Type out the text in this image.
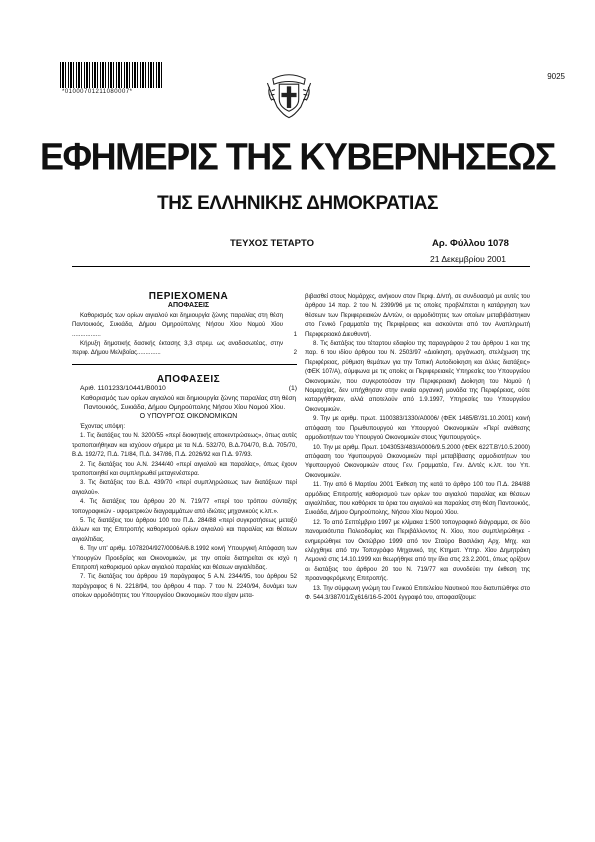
*01000701211080007*
9025
ΕΦΗΜΕΡΙΣ ΤΗΣ ΚΥΒΕΡΝΗΣΕΩΣ
ΤΗΣ ΕΛΛΗΝΙΚΗΣ ΔΗΜΟΚΡΑΤΙΑΣ
ΤΕΥΧΟΣ ΤΕΤΑΡΤΟ	Αρ. Φύλλου 1078
21 Δεκεμβρίου 2001

ΠΕΡΙΕΧΟΜΕΝΑ

ΑΠΟΦΑΣΕΙΣ

Καθορισμός των ορίων αιγιαλού και δημιουργία ζώνης παραλίας στη θέση Παντουκιός, Συκιάδα, Δήμου Ομηρούπολης Νήσου Χίου Νομού Χίου .................	1

Κήρυξη δημοτικής δασικής έκτασης 3,3 στρεμ. ως αναδασωτέας, στην περιφ. Δήμου Μελιβοίας..............	2

ΑΠΟΦΑΣΕΙΣ

Αριθ. 1101233/10441/Β0010	(1)

Καθορισμός των ορίων αιγιαλού και δημιουργία ζώνης παραλίας στη θέση Παντουκιός, Συκιάδα, Δήμου Ομηρούπολης Νήσου Χίου Νομού Χίου.

Ο ΥΠΟΥΡΓΟΣ ΟΙΚΟΝΟΜΙΚΩΝ

Έχοντας υπόψη:

1. Τις διατάξεις του Ν. 3200/55 «περί διοικητικής αποκεντρώσεως», όπως αυτές τροποποιήθηκαν και ισχύουν σήμερα με τα Ν.Δ. 532/70, Β.Δ.704/70, Β.Δ. 705/70, Β.Δ. 192/72, Π.Δ. 71/84, Π.Δ. 347/86, Π.Δ. 2026/92 και Π.Δ. 97/93.

2. Τις διατάξεις του Α.Ν. 2344/40 «περί αιγιαλού και παραλίας», όπως έχουν τροποποιηθεί και συμπληρωθεί μεταγενέστερα.

3. Τις διατάξεις του Β.Δ. 439/70 «περί συμπληρώσεως των διατάξεων περί αιγιαλού».

4. Τις διατάξεις του άρθρου 20 Ν. 719/77 «περί του τρόπου σύνταξης τοπογραφικών - υψομετρικών διαγραμμάτων από ιδιώτες μηχανικούς κ.λπ.».

5. Τις διατάξεις του άρθρου 100 του Π.Δ. 284/88 «περί συγκροτήσεως μεταξύ άλλων και της Επιτροπής καθορισμού ορίων αιγιαλού και παραλίας και θέσεων αιγιαλίτιδας.

6. Την υπ' αριθμ. 1078204/927/0006Α/6.8.1992 κοινή Υπουργική Απόφαση των Υπουργών Προεδρίας και Οικονομικών, με την οποία διατηρείται σε ισχύ η Επιτροπή καθορισμού ορίων αιγιαλού παραλίας και θέσεων αιγιαλίτιδας.

7. Τις διατάξεις του άρθρου 19 παράγραφος 5 Α.Ν. 2344/95, του άρθρου 52 παράγραφος 6 Ν. 2218/94, του άρθρου 4 παρ. 7 του Ν. 2240/94, δυνάμει των οποίων αρμοδιότητες του Υπουργείου Οικονομικών που είχαν μετα-

βιβασθεί στους Νομάρχες, ανήκουν στον Περιφ. Δ/ντή, σε συνδυασμό με αυτές του άρθρου 14 παρ. 2 του Ν. 2399/96 με τις οποίες προβλέπεται η κατάργηση των θέσεων των Περιφερειακών Δ/ντών, οι αρμοδιότητες των οποίων μεταβιβάστηκαν στο Γενικό Γραμματέα της Περιφέρειας και ασκούνται από τον Αναπληρωτή Περιφερειακό Διευθυντή.

8. Τις διατάξεις του τέταρτου εδαφίου της παραγράφου 2 του άρθρου 1 και της παρ. 6 του ιδίου άρθρου του Ν. 2503/97 «Διοίκηση, οργάνωση, στελέχωση της Περιφέρειας, ρύθμιση θεμάτων για την Τοπική Αυτοδιοίκηση και άλλες διατάξεις» (ΦΕΚ 107/Α), σύμφωνα με τις οποίες οι Περιφερειακές Υπηρεσίες του Υπουργείου Οικονομικών, που συγκροτούσαν την Περιφερειακή Διοίκηση του Νομού ή Νομαρχίας, δεν υπήχθησαν στην ενιαία οργανική μονάδα της Περιφέρειας, ούτε καταργήθηκαν, αλλά αποτελούν από 1.9.1997, Υπηρεσίες του Υπουργείου Οικονομικών.

9. Την με αριθμ. πρωτ. 1100383/1330/Α0006/ (ΦΕΚ 1485/Β'/31.10.2001) κοινή απόφαση του Πρωθυπουργού και Υπουργού Οικονομικών «Περί ανάθεσης αρμοδιοτήτων του Υπουργού Οικονομικών στους Υφυπουργούς».

10. Την με αριθμ. Πρωτ. 1043053/483/Α0006/9.5.2000 (ΦΕΚ 622Τ.Β'/10.5.2000) απόφαση του Υφυπουργού Οικονομικών περί μεταβίβασης αρμοδιοτήτων του Υφυπουργού Οικονομικών στους Γεν. Γραμματέα, Γεν. Δ/ντές κ.λπ. του Υπ. Οικονομικών.

11. Την από 6 Μαρτίου 2001 Έκθεση της κατά το άρθρο 100 του Π.Δ. 284/88 αρμόδιας Επιτροπής καθορισμού των ορίων του αιγιαλού παραλίας και θέσεων αιγιαλίτιδας, που καθόρισε τα όρια του αιγιαλού και παραλίας στη θέση Παντουκιός, Συκιάδα, Δήμου Ομηρούπολης, Νήσου Χίου Νομού Χίου.

12. Το από Σεπτέμβριο 1997 με κλίμακα 1:500 τοπογραφικό διάγραμμα, σε δύο πανομοιότυπα Πολεοδομίας και Περιβάλλοντος Ν. Χίου, που συμπληρώθηκε - ενημερώθηκε τον Οκτώβριο 1999 από τον Σταύρο Βασιλάκη Αρχ. Μηχ. και ελέγχθηκε από την Τοπογράφο Μηχανικό, της Κτηματ. Υπηρ. Χίου Δημητράκη Λεμονιά στις 14.10.1999 και θεωρήθηκε από την ίδια στις 23.2.2001, όπως ορίζουν οι διατάξεις του άρθρου 20 του Ν. 719/77 και συνοδεύει την έκθεση της προαναφερόμενης Επιτροπής.

13. Την σύμφωνη γνώμη του Γενικού Επιτελείου Ναυτικού που διατυπώθηκε στο Φ. 544.3/387/01/Σχ616/16-5-2001 έγγραφό του, αποφασίζουμε:
